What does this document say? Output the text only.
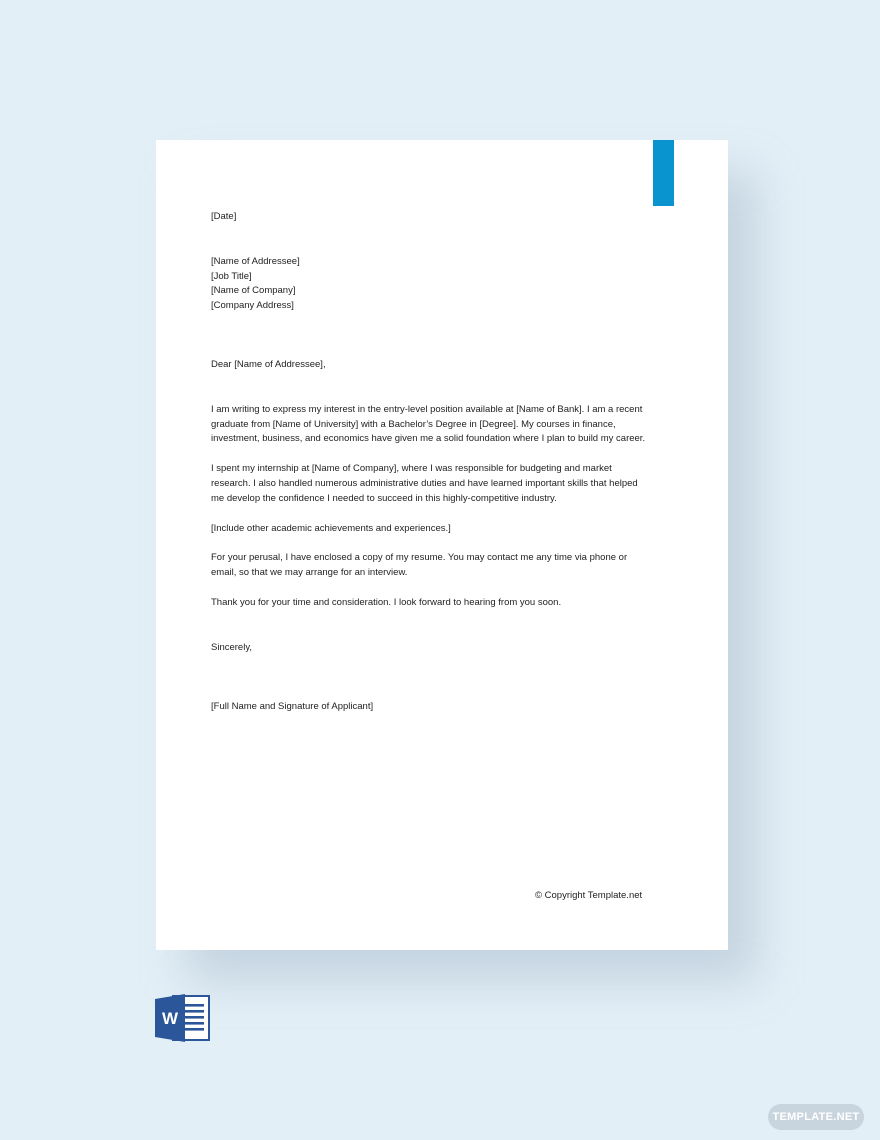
[Date]

[Name of Addressee]
[Job Title]
[Name of Company]
[Company Address]

Dear [Name of Addressee],

I am writing to express my interest in the entry-level position available at [Name of Bank]. I am a recent graduate from [Name of University] with a Bachelor’s Degree in [Degree]. My courses in finance, investment, business, and economics have given me a solid foundation where I plan to build my career.

I spent my internship at [Name of Company], where I was responsible for budgeting and market research. I also handled numerous administrative duties and have learned important skills that helped me develop the confidence I needed to succeed in this highly-competitive industry.

[Include other academic achievements and experiences.]

For your perusal, I have enclosed a copy of my resume. You may contact me any time via phone or email, so that we may arrange for an interview.

Thank you for your time and consideration. I look forward to hearing from you soon.

Sincerely,

[Full Name and Signature of Applicant]

© Copyright Template.net
W
TEMPLATE.NET
